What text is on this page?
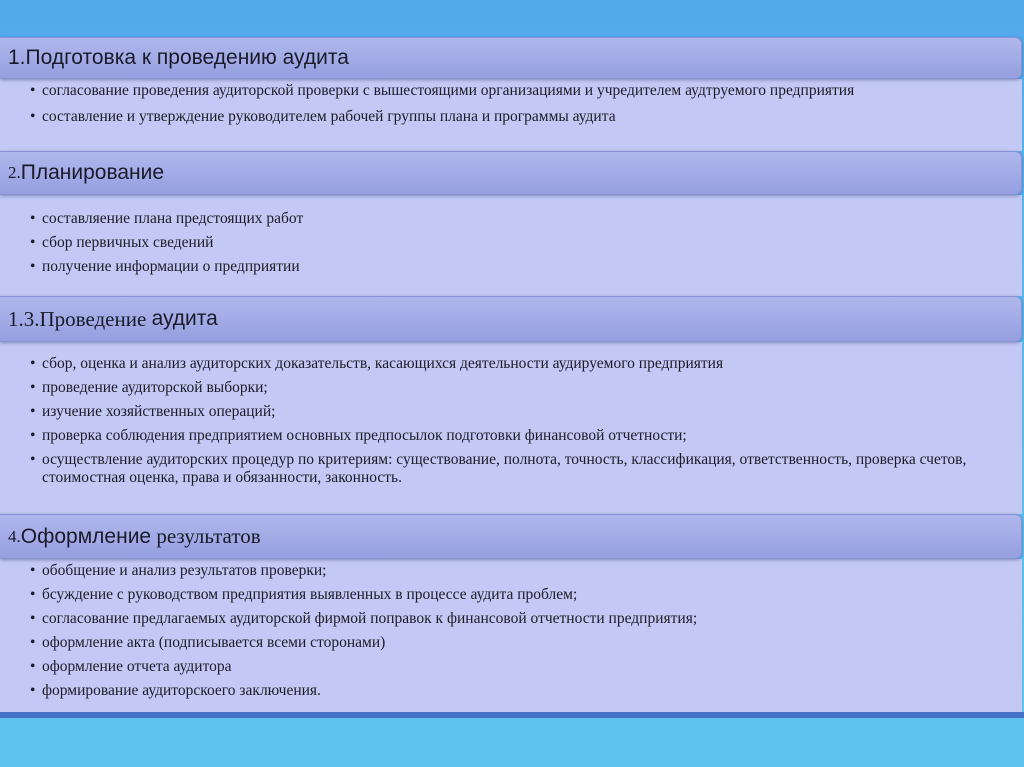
1. Подготовка к проведению аудита
• согласование проведения аудиторской проверки с вышестоящими организациями и учредителем аудтруемого предприятия
• составление и утверждение руководителем рабочей группы плана и программы аудита
2. Планирование
• составляение плана предстоящих работ
• сбор первичных сведений
• получение информации о предприятии
1.3. Проведение аудита
• сбор, оценка и анализ аудиторских доказательств, касающихся деятельности аудируемого предприятия
• проведение аудиторской выборки;
• изучение хозяйственных операций;
• проверка соблюдения предприятием основных предпосылок подготовки финансовой отчетности;
• осуществление аудиторских процедур по критериям: существование, полнота, точность, классификация, ответственность, проверка счетов, стоимостная оценка, права и обязанности, законность.
4. Оформление результатов
• обобщение и анализ результатов проверки;
• бсуждение с руководством предприятия выявленных в процессе аудита проблем;
• согласование предлагаемых аудиторской фирмой поправок к финансовой отчетности предприятия;
• оформление акта (подписывается всеми сторонами)
• оформление отчета аудитора
• формирование аудиторскоего заключения.
